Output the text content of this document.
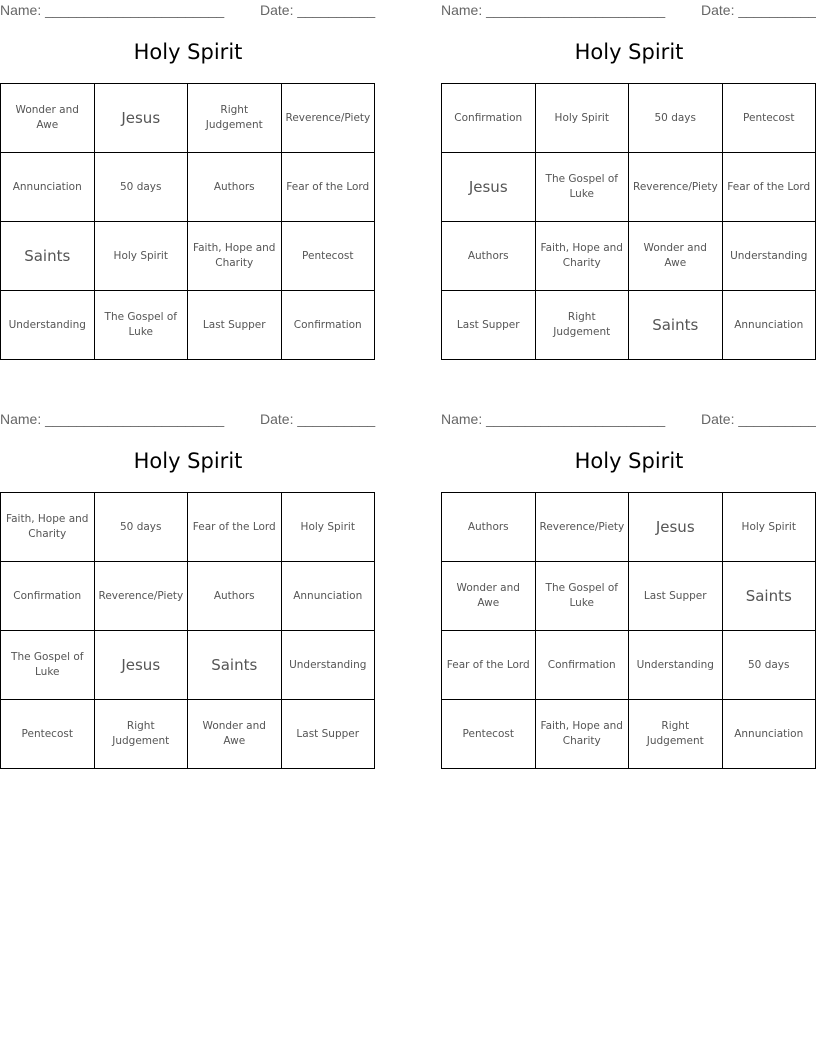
Name: _______________________	Date: __________
Holy Spirit
Wonder and Awe	Jesus	Right Judgement	Reverence/Piety
Annunciation	50 days	Authors	Fear of the Lord
Saints	Holy Spirit	Faith, Hope and Charity	Pentecost
Understanding	The Gospel of Luke	Last Supper	Confirmation
Name: _______________________	Date: __________
Holy Spirit
Confirmation	Holy Spirit	50 days	Pentecost
Jesus	The Gospel of Luke	Reverence/Piety	Fear of the Lord
Authors	Faith, Hope and Charity	Wonder and Awe	Understanding
Last Supper	Right Judgement	Saints	Annunciation
Name: _______________________	Date: __________
Holy Spirit
Faith, Hope and Charity	50 days	Fear of the Lord	Holy Spirit
Confirmation	Reverence/Piety	Authors	Annunciation
The Gospel of Luke	Jesus	Saints	Understanding
Pentecost	Right Judgement	Wonder and Awe	Last Supper
Name: _______________________	Date: __________
Holy Spirit
Authors	Reverence/Piety	Jesus	Holy Spirit
Wonder and Awe	The Gospel of Luke	Last Supper	Saints
Fear of the Lord	Confirmation	Understanding	50 days
Pentecost	Faith, Hope and Charity	Right Judgement	Annunciation
